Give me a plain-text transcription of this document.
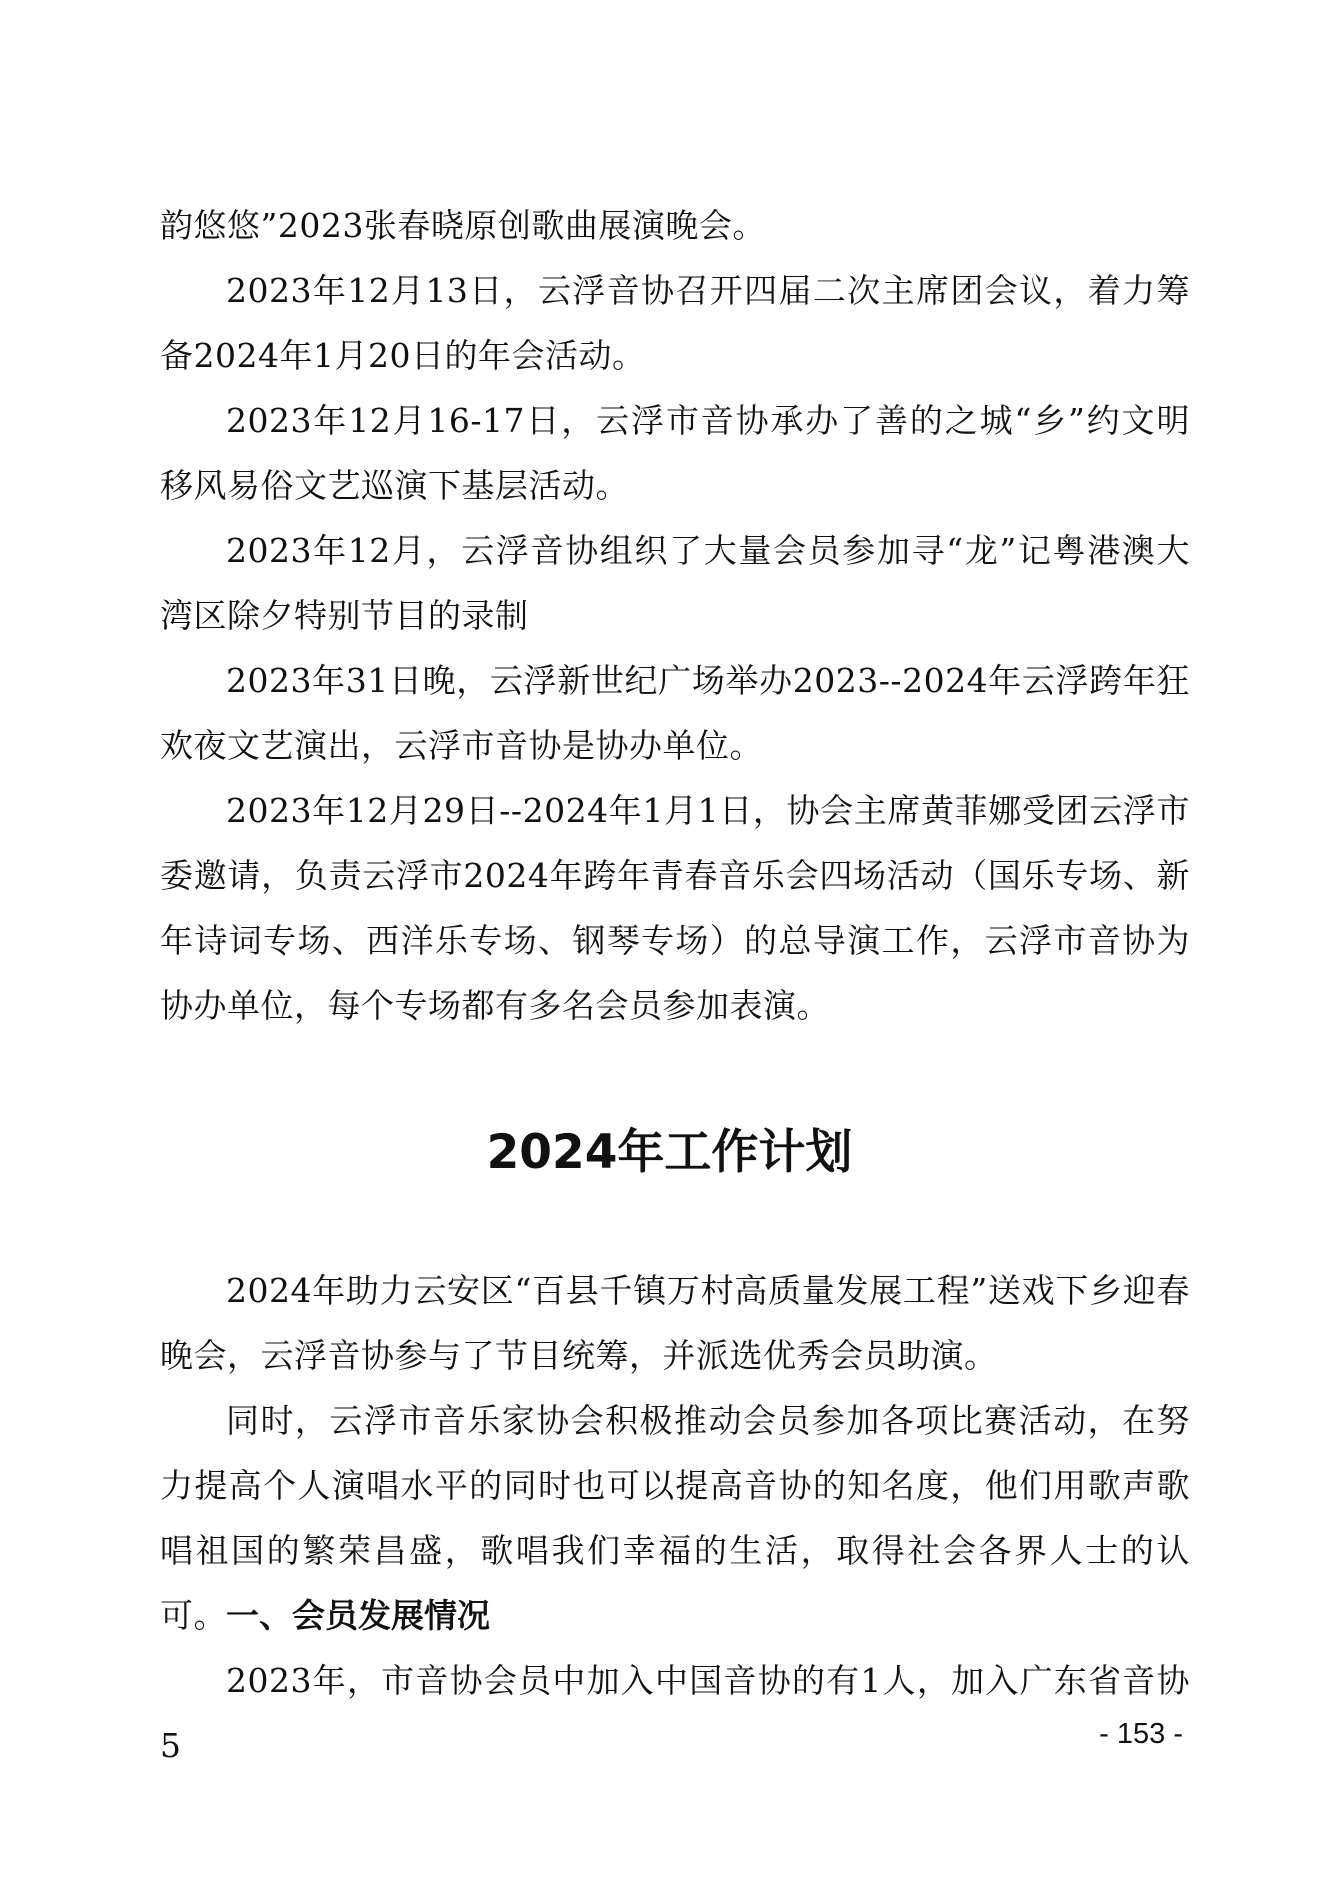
韵悠悠”2023张春晓原创歌曲展演晚会。

2023年12月13日，云浮音协召开四届二次主席团会议，着力筹备2024年1月20日的年会活动。

2023年12月16-17日，云浮市音协承办了善的之城“乡”约文明移风易俗文艺巡演下基层活动。

2023年12月，云浮音协组织了大量会员参加寻“龙”记粤港澳大湾区除夕特别节目的录制

2023年31日晚，云浮新世纪广场举办2023--2024年云浮跨年狂欢夜文艺演出，云浮市音协是协办单位。

2023年12月29日--2024年1月1日，协会主席黄菲娜受团云浮市委邀请，负责云浮市2024年跨年青春音乐会四场活动（国乐专场、新年诗词专场、西洋乐专场、钢琴专场）的总导演工作，云浮市音协为协办单位，每个专场都有多名会员参加表演。

2024年工作计划

2024年助力云安区“百县千镇万村高质量发展工程”送戏下乡迎春晚会，云浮音协参与了节目统筹，并派选优秀会员助演。

同时，云浮市音乐家协会积极推动会员参加各项比赛活动，在努力提高个人演唱水平的同时也可以提高音协的知名度，他们用歌声歌唱祖国的繁荣昌盛，歌唱我们幸福的生活，取得社会各界人士的认可。 一、会员发展情况

2023年，市音协会员中加入中国音协的有1人，加入广东省音协5	- 153 -
